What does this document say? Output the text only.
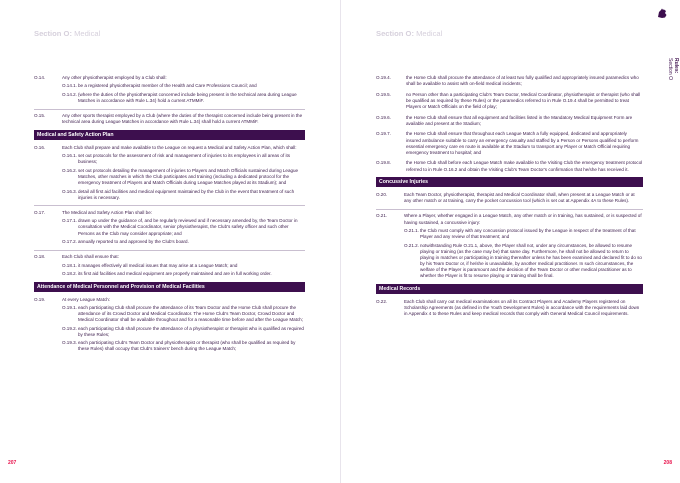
Section O: Medical
O.14.	Any other physiotherapist employed by a Club shall:
O.14.1. be a registered physiotherapist member of the Health and Care Professions Council; and
O.14.2. (where the duties of the physiotherapist concerned include being present in the technical area during League Matches in accordance with Rule L.34) hold a current ATMMiF.
O.15.	Any other sports therapist employed by a Club (where the duties of the therapist concerned include being present in the technical area during League Matches in accordance with Rule L.34) shall hold a current ATMMiF.
Medical and Safety Action Plan
O.16.	Each Club shall prepare and make available to the League on request a Medical and Safety Action Plan, which shall:
O.16.1. set out protocols for the assessment of risk and management of injuries to its employees in all areas of its business;
O.16.2. set out protocols detailing the management of injuries to Players and Match Officials sustained during League Matches, other matches in which the Club participates and training (including a dedicated protocol for the emergency treatment of Players and Match Officials during League Matches played at its Stadium); and
O.16.3. detail all first aid facilities and medical equipment maintained by the Club in the event that treatment of such injuries is necessary.
O.17.	The Medical and Safety Action Plan shall be:
O.17.1. drawn up under the guidance of, and be regularly reviewed and if necessary amended by, the Team Doctor in consultation with the Medical Coordinator, senior physiotherapist, the Club's safety officer and such other Persons as the Club may consider appropriate; and
O.17.2. annually reported to and approved by the Club's board.
O.18.	Each Club shall ensure that:
O.18.1. it manages effectively all medical issues that may arise at a League Match; and
O.18.2. its first aid facilities and medical equipment are properly maintained and are in full working order.
Attendance of Medical Personnel and Provision of Medical Facilities
O.19.	At every League Match:
O.19.1. each participating Club shall procure the attendance of its Team Doctor and the Home Club shall procure the attendance of its Crowd Doctor and Medical Coordinator. The Home Club's Team Doctor, Crowd Doctor and Medical Coordinator shall be available throughout and for a reasonable time before and after the League Match;
O.19.2. each participating Club shall procure the attendance of a physiotherapist or therapist who is qualified as required by these Rules;
O.19.3. each participating Club's Team Doctor and physiotherapist or therapist (who shall be qualified as required by these Rules) shall occupy that Club's trainers' bench during the League Match;
207
Section O: Medical
Rules:
Section O
O.19.4.	the Home Club shall procure the attendance of at least two fully qualified and appropriately insured paramedics who shall be available to assist with on-field medical incidents;
O.19.5.	no Person other than a participating Club's Team Doctor, Medical Coordinator, physiotherapist or therapist (who shall be qualified as required by these Rules) or the paramedics referred to in Rule O.19.4 shall be permitted to treat Players or Match Officials on the field of play;
O.19.6.	the Home Club shall ensure that all equipment and facilities listed in the Mandatory Medical Equipment Form are available and present at the Stadium;
O.19.7.	the Home Club shall ensure that throughout each League Match a fully equipped, dedicated and appropriately insured ambulance suitable to carry an emergency casualty and staffed by a Person or Persons qualified to perform essential emergency care en route is available at the Stadium to transport any Player or Match Official requiring emergency treatment to hospital; and
O.19.8.	the Home Club shall before each League Match make available to the Visiting Club the emergency treatment protocol referred to in Rule O.16.2 and obtain the Visiting Club's Team Doctor's confirmation that he/she has received it.
Concussive Injuries
O.20.	Each Team Doctor, physiotherapist, therapist and Medical Coordinator shall, when present at a League Match or at any other match or at training, carry the pocket concussion tool (which is set out at Appendix 4A to these Rules).
O.21.	Where a Player, whether engaged in a League Match, any other match or in training, has sustained, or is suspected of having sustained, a concussive injury:
O.21.1. the Club must comply with any concussion protocol issued by the League in respect of the treatment of that Player and any review of that treatment; and
O.21.2. notwithstanding Rule O.21.1, above, the Player shall not, under any circumstances, be allowed to resume playing or training (as the case may be) that same day. Furthermore, he shall not be allowed to return to playing in matches or participating in training thereafter unless he has been examined and declared fit to do so by his Team Doctor or, if he/she is unavailable, by another medical practitioner. In such circumstances, the welfare of the Player is paramount and the decision of the Team Doctor or other medical practitioner as to whether the Player is fit to resume playing or training shall be final.
Medical Records
O.22.	Each Club shall carry out medical examinations on all its Contract Players and Academy Players registered on Scholarship Agreements (as defined in the Youth Development Rules) in accordance with the requirements laid down in Appendix 4 to these Rules and keep medical records that comply with General Medical Council requirements.
208
